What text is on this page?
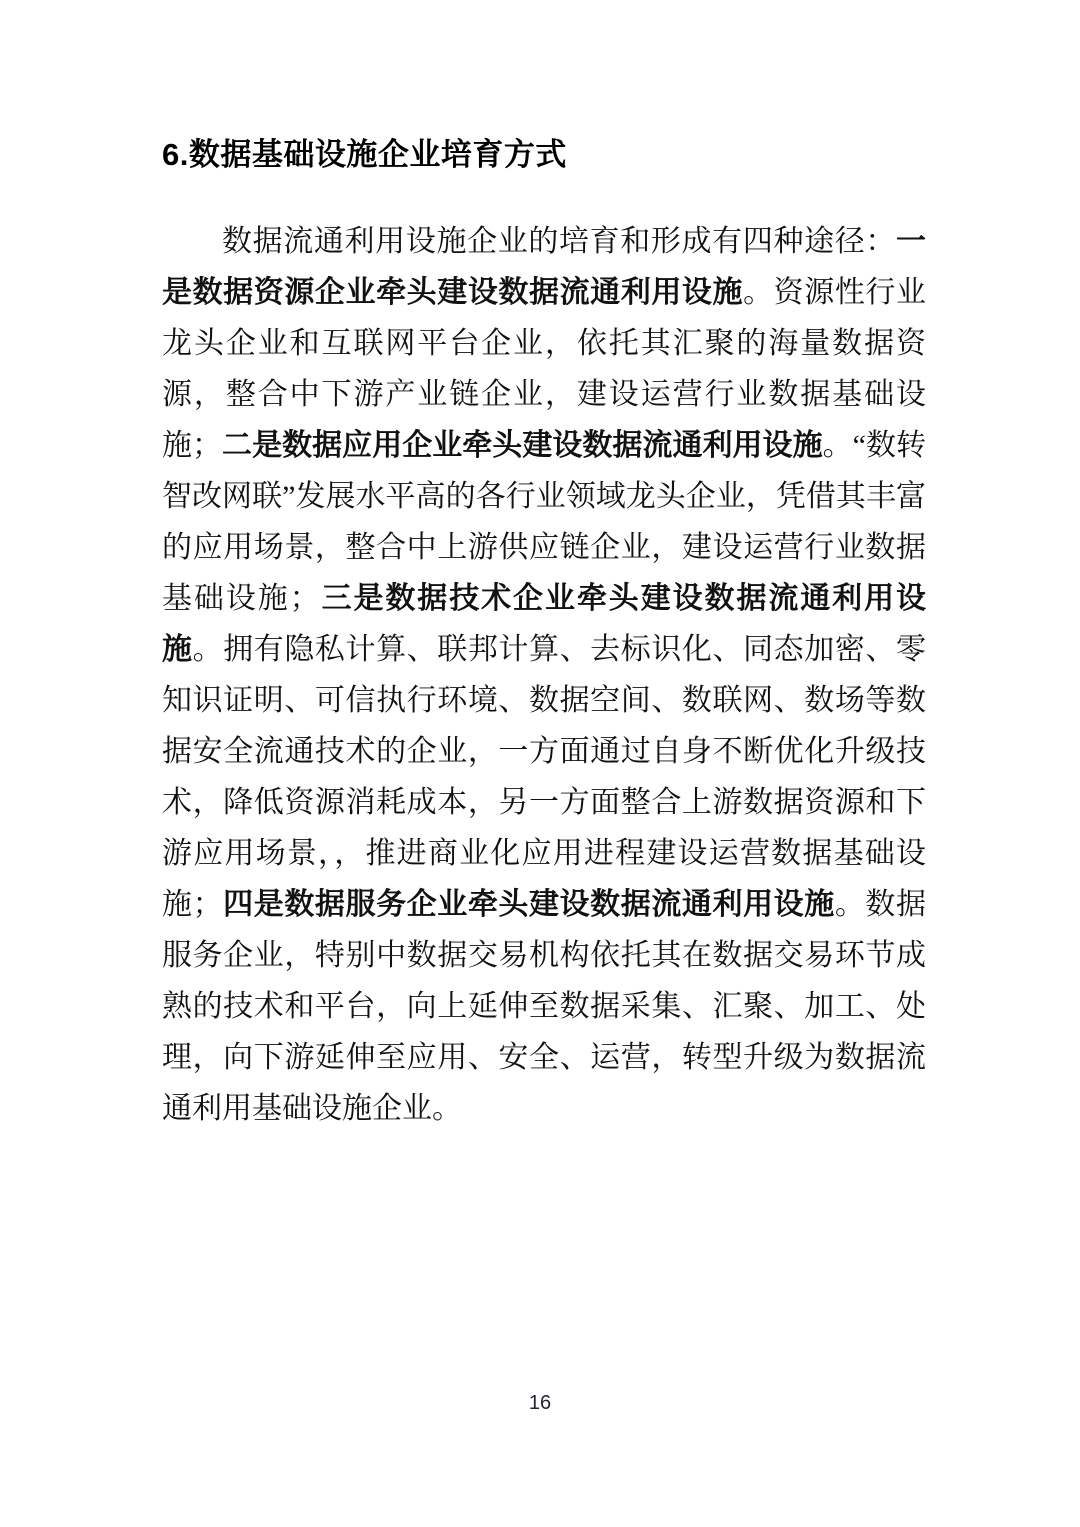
6.数据基础设施企业培育方式

数据流通利用设施企业的培育和形成有四种途径：一是数据资源企业牵头建设数据流通利用设施。资源性行业龙头企业和互联网平台企业，依托其汇聚的海量数据资源，整合中下游产业链企业，建设运营行业数据基础设施；二是数据应用企业牵头建设数据流通利用设施。“数转智改网联”发展水平高的各行业领域龙头企业，凭借其丰富的应用场景，整合中上游供应链企业，建设运营行业数据基础设施；三是数据技术企业牵头建设数据流通利用设施。拥有隐私计算、联邦计算、去标识化、同态加密、零知识证明、可信执行环境、数据空间、数联网、数场等数据安全流通技术的企业，一方面通过自身不断优化升级技术，降低资源消耗成本，另一方面整合上游数据资源和下游应用场景，，推进商业化应用进程建设运营数据基础设施；四是数据服务企业牵头建设数据流通利用设施。数据服务企业，特别中数据交易机构依托其在数据交易环节成熟的技术和平台，向上延伸至数据采集、汇聚、加工、处理，向下游延伸至应用、安全、运营，转型升级为数据流通利用基础设施企业。

16
